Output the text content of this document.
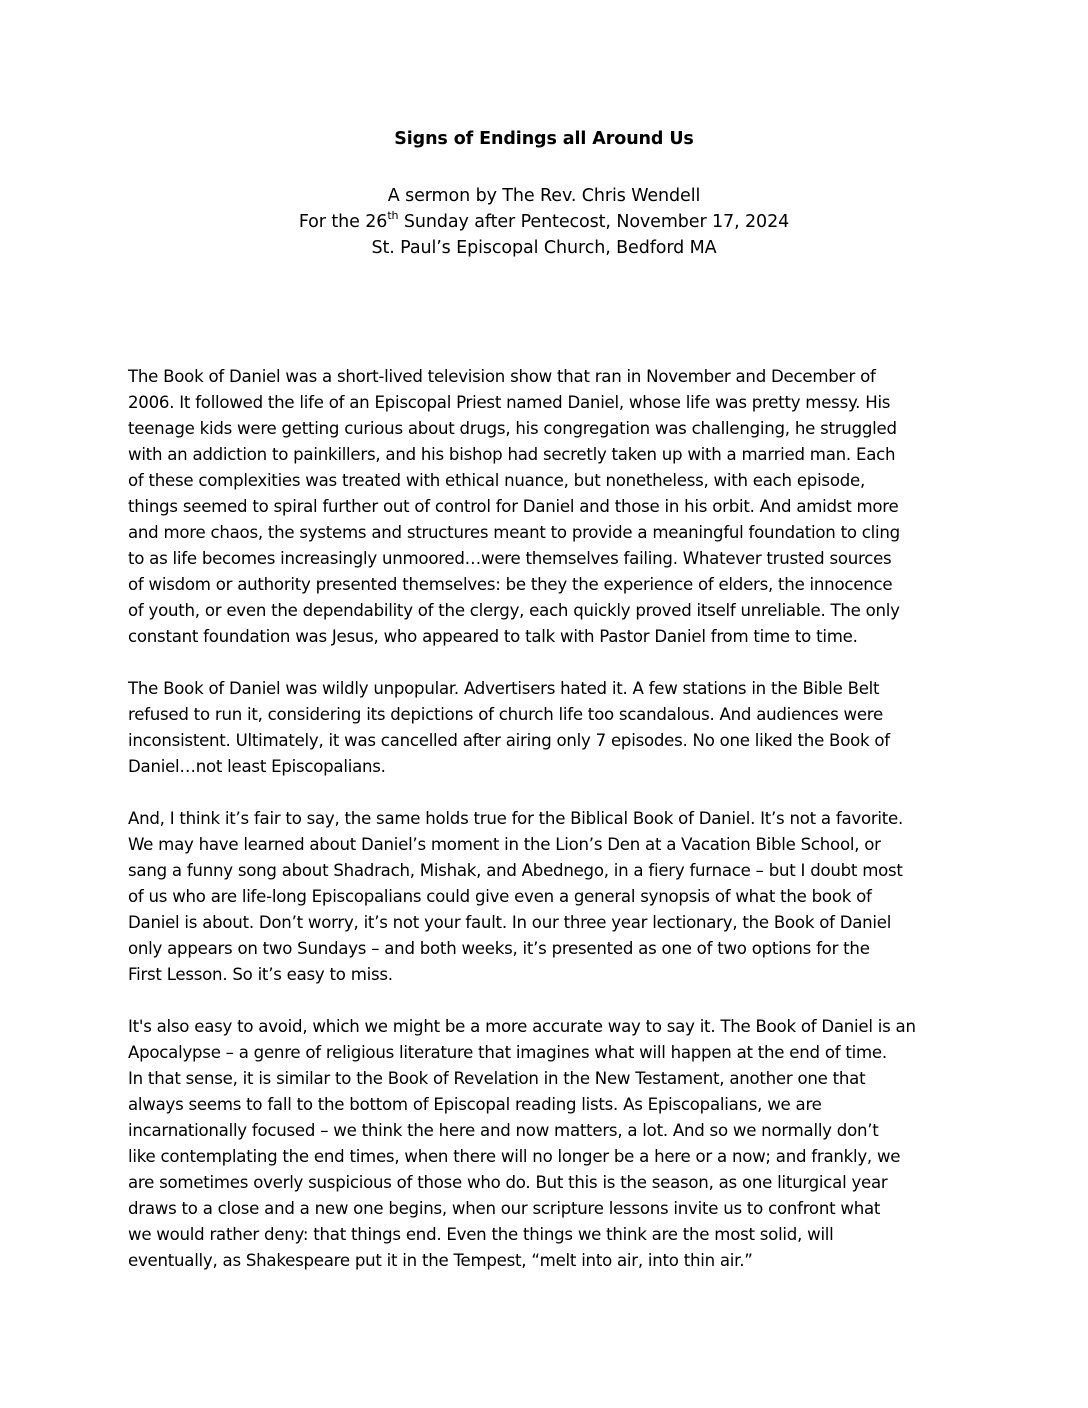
Signs of Endings all Around Us
A sermon by The Rev. Chris Wendell
For the 26th Sunday after Pentecost, November 17, 2024
St. Paul’s Episcopal Church, Bedford MA

The Book of Daniel was a short-lived television show that ran in November and December of
2006. It followed the life of an Episcopal Priest named Daniel, whose life was pretty messy. His
teenage kids were getting curious about drugs, his congregation was challenging, he struggled
with an addiction to painkillers, and his bishop had secretly taken up with a married man. Each
of these complexities was treated with ethical nuance, but nonetheless, with each episode,
things seemed to spiral further out of control for Daniel and those in his orbit. And amidst more
and more chaos, the systems and structures meant to provide a meaningful foundation to cling
to as life becomes increasingly unmoored…were themselves failing. Whatever trusted sources
of wisdom or authority presented themselves: be they the experience of elders, the innocence
of youth, or even the dependability of the clergy, each quickly proved itself unreliable. The only
constant foundation was Jesus, who appeared to talk with Pastor Daniel from time to time.

The Book of Daniel was wildly unpopular. Advertisers hated it. A few stations in the Bible Belt
refused to run it, considering its depictions of church life too scandalous. And audiences were
inconsistent. Ultimately, it was cancelled after airing only 7 episodes. No one liked the Book of
Daniel…not least Episcopalians.

And, I think it’s fair to say, the same holds true for the Biblical Book of Daniel. It’s not a favorite.
We may have learned about Daniel’s moment in the Lion’s Den at a Vacation Bible School, or
sang a funny song about Shadrach, Mishak, and Abednego, in a fiery furnace – but I doubt most
of us who are life-long Episcopalians could give even a general synopsis of what the book of
Daniel is about. Don’t worry, it’s not your fault. In our three year lectionary, the Book of Daniel
only appears on two Sundays – and both weeks, it’s presented as one of two options for the
First Lesson. So it’s easy to miss.

It's also easy to avoid, which we might be a more accurate way to say it. The Book of Daniel is an
Apocalypse – a genre of religious literature that imagines what will happen at the end of time.
In that sense, it is similar to the Book of Revelation in the New Testament, another one that
always seems to fall to the bottom of Episcopal reading lists. As Episcopalians, we are
incarnationally focused – we think the here and now matters, a lot. And so we normally don’t
like contemplating the end times, when there will no longer be a here or a now; and frankly, we
are sometimes overly suspicious of those who do. But this is the season, as one liturgical year
draws to a close and a new one begins, when our scripture lessons invite us to confront what
we would rather deny: that things end. Even the things we think are the most solid, will
eventually, as Shakespeare put it in the Tempest, “melt into air, into thin air.”
